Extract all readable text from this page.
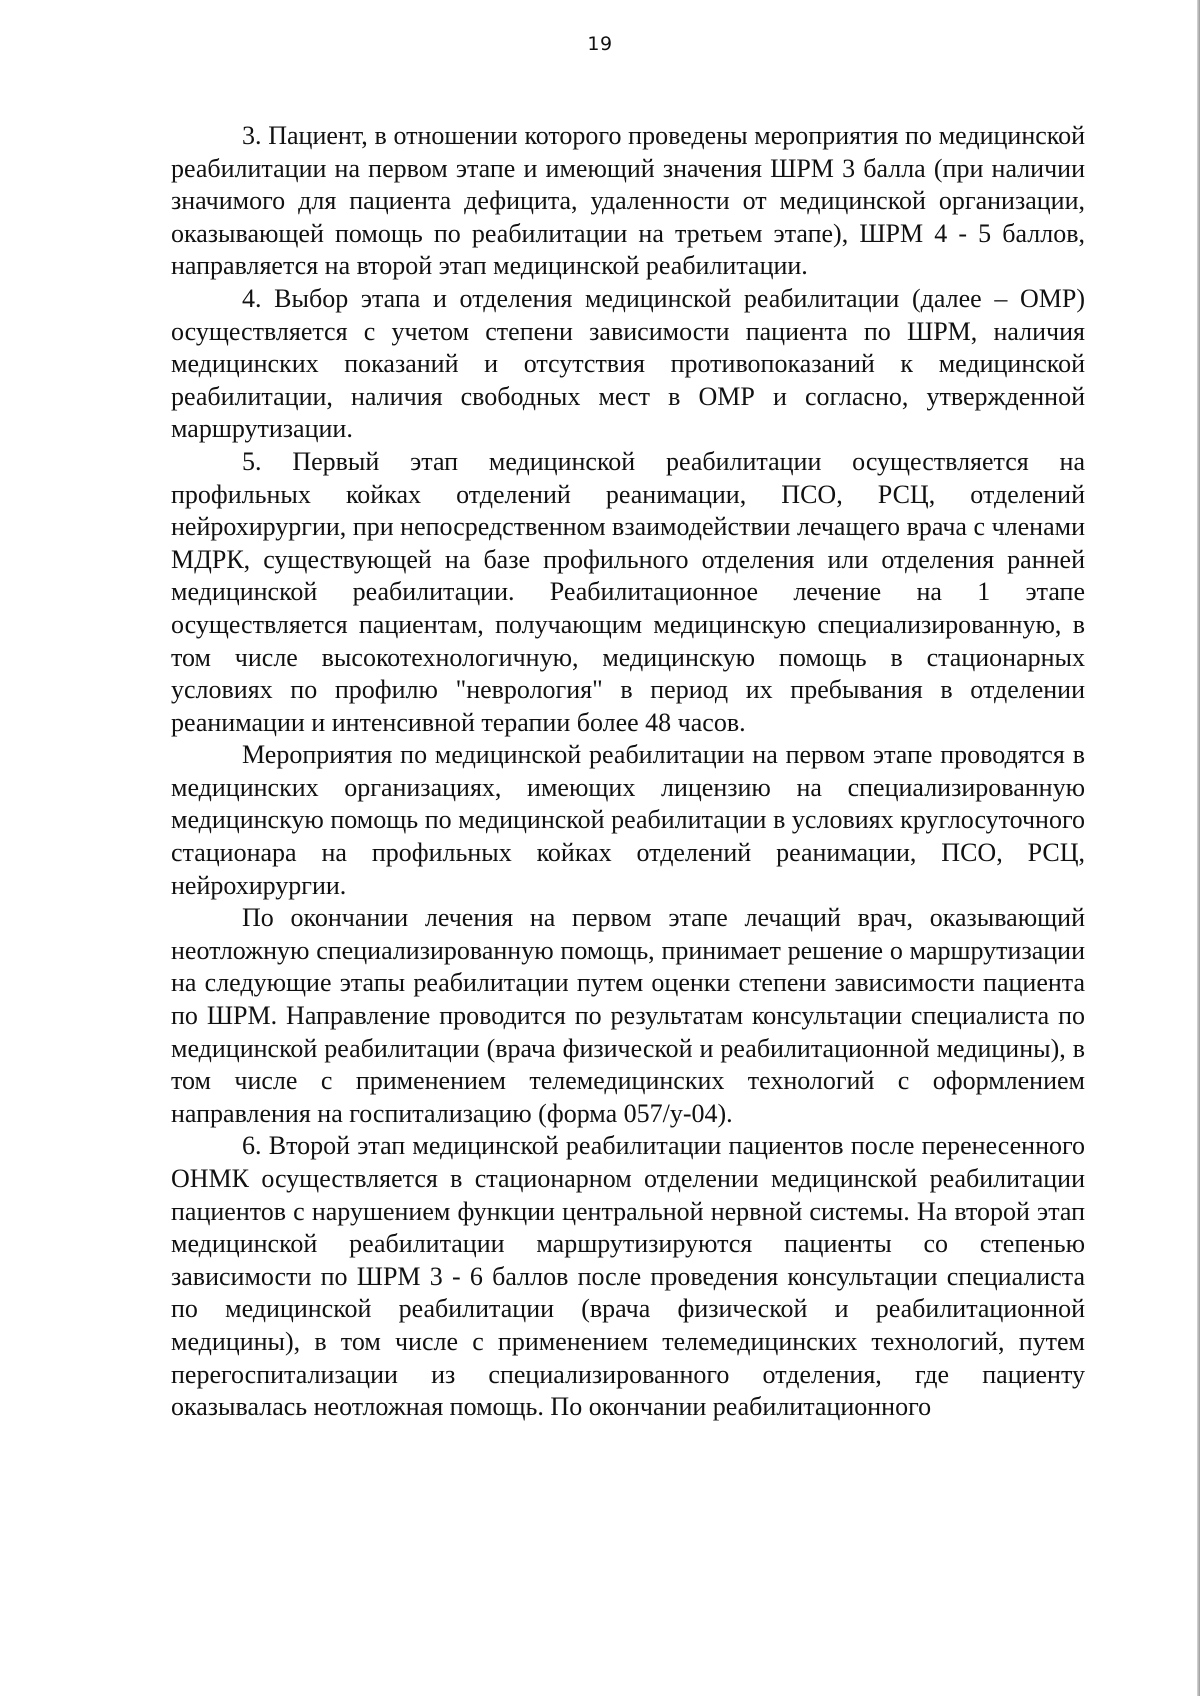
19

3. Пациент, в отношении которого проведены мероприятия по медицинской реабилитации на первом этапе и имеющий значения ШРМ 3 балла (при наличии значимого для пациента дефицита, удаленности от медицинской организации, оказывающей помощь по реабилитации на третьем этапе), ШРМ 4 - 5 баллов, направляется на второй этап медицинской реабилитации.

4. Выбор этапа и отделения медицинской реабилитации (далее – ОМР) осуществляется с учетом степени зависимости пациента по ШРМ, наличия медицинских показаний и отсутствия противопоказаний к медицинской реабилитации, наличия свободных мест в ОМР и согласно, утвержденной маршрутизации.

5. Первый этап медицинской реабилитации осуществляется на профильных койках отделений реанимации, ПСО, РСЦ, отделений нейрохирургии, при непосредственном взаимодействии лечащего врача с членами МДРК, существующей на базе профильного отделения или отделения ранней медицинской реабилитации. Реабилитационное лечение на 1 этапе осуществляется пациентам, получающим медицинскую специализированную, в том числе высокотехнологичную, медицинскую помощь в стационарных условиях по профилю "неврология" в период их пребывания в отделении реанимации и интенсивной терапии более 48 часов.

Мероприятия по медицинской реабилитации на первом этапе проводятся в медицинских организациях, имеющих лицензию на специализированную медицинскую помощь по медицинской реабилитации в условиях круглосуточного стационара на профильных койках отделений реанимации, ПСО, РСЦ, нейрохирургии.

По окончании лечения на первом этапе лечащий врач, оказывающий неотложную специализированную помощь, принимает решение о маршрутизации на следующие этапы реабилитации путем оценки степени зависимости пациента по ШРМ. Направление проводится по результатам консультации специалиста по медицинской реабилитации (врача физической и реабилитационной медицины), в том числе с применением телемедицинских технологий с оформлением направления на госпитализацию (форма 057/у-04).

6. Второй этап медицинской реабилитации пациентов после перенесенного ОНМК осуществляется в стационарном отделении медицинской реабилитации пациентов с нарушением функции центральной нервной системы. На второй этап медицинской реабилитации маршрутизируются пациенты со степенью зависимости по ШРМ 3 - 6 баллов после проведения консультации специалиста по медицинской реабилитации (врача физической и реабилитационной медицины), в том числе с применением телемедицинских технологий, путем перегоспитализации из специализированного отделения, где пациенту оказывалась неотложная помощь. По окончании реабилитационного
